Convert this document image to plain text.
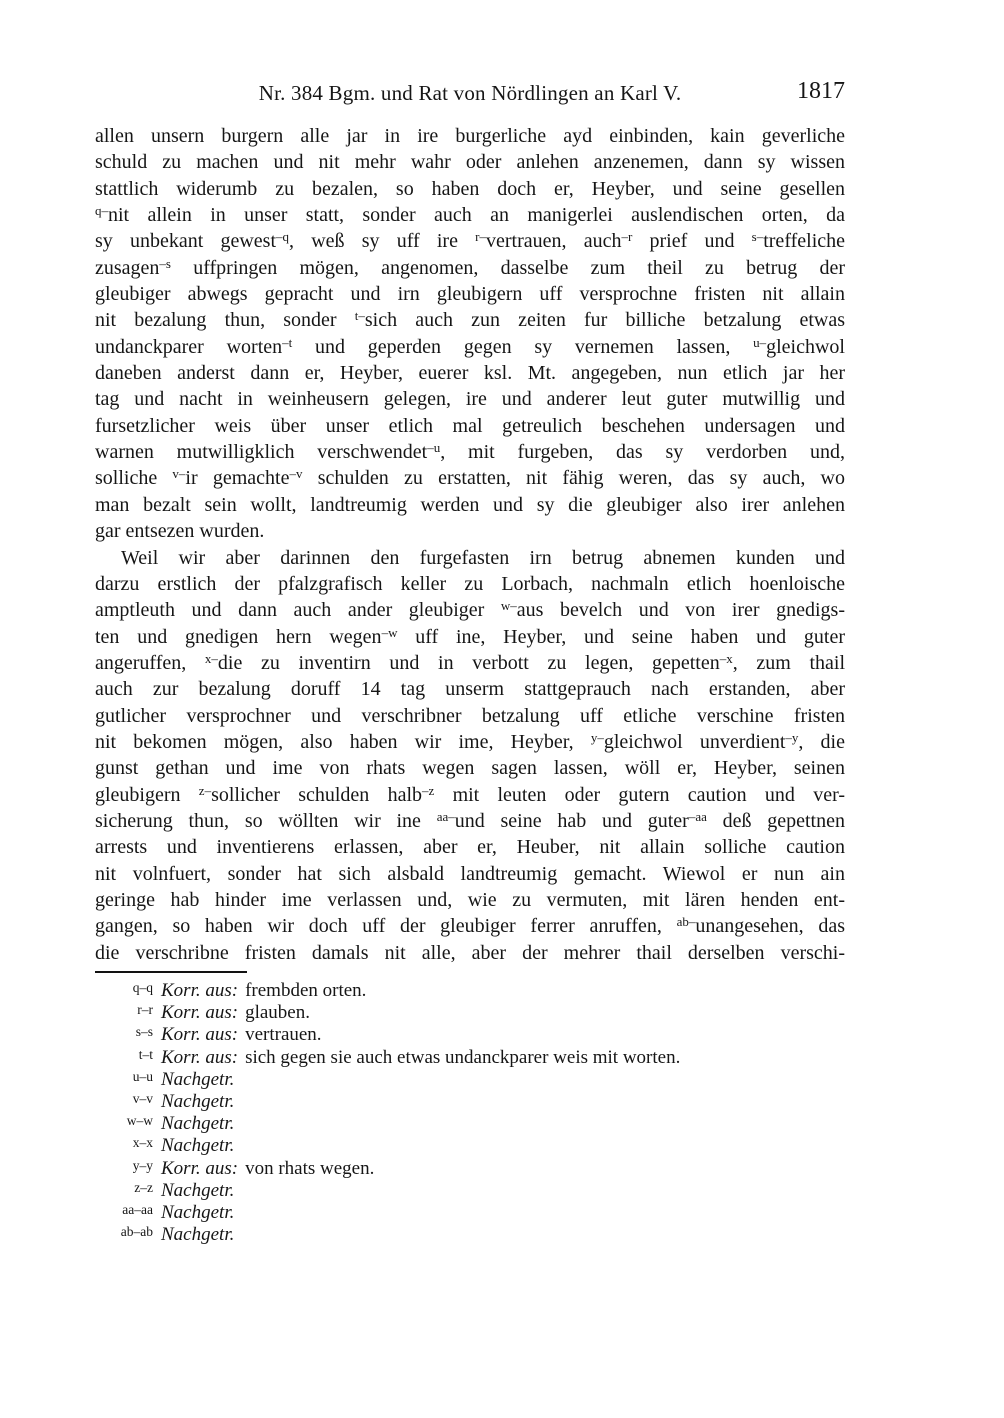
Nr. 384 Bgm. und Rat von Nördlingen an Karl V.	1817
allen unsern burgern alle jar in ire burgerliche ayd einbinden, kain geverliche
schuld zu machen und nit mehr wahr oder anlehen anzenemen, dann sy wissen
stattlich widerumb zu bezalen, so haben doch er, Heyber, und seine gesellen
$^{q-}$nit allein in unser statt, sonder auch an manigerlei auslendischen orten, da
sy unbekant gewest$^{-q}$, weß sy uff ire $^{r-}$vertrauen, auch$^{-r}$ prief und $^{s-}$treffeliche
zusagen$^{-s}$ uffpringen mögen, angenomen, dasselbe zum theil zu betrug der
gleubiger abwegs gepracht und irn gleubigern uff versprochne fristen nit allain
nit bezalung thun, sonder $^{t-}$sich auch zun zeiten fur billiche betzalung etwas
undanckparer worten$^{-t}$ und geperden gegen sy vernemen lassen, $^{u-}$gleichwol
daneben anderst dann er, Heyber, euerer ksl. Mt. angegeben, nun etlich jar her
tag und nacht in weinheusern gelegen, ire und anderer leut guter mutwillig und
fursetzlicher weis über unser etlich mal getreulich beschehen undersagen und
warnen mutwilligklich verschwendet$^{-u}$, mit furgeben, das sy verdorben und,
solliche $^{v-}$ir gemachte$^{-v}$ schulden zu erstatten, nit fähig weren, das sy auch, wo
man bezalt sein wollt, landtreumig werden und sy die gleubiger also irer anlehen
gar entsezen wurden.
Weil wir aber darinnen den furgefasten irn betrug abnemen kunden und
darzu erstlich der pfalzgrafisch keller zu Lorbach, nachmaln etlich hoenloische
amptleuth und dann auch ander gleubiger $^{w-}$aus bevelch und von irer gnedigs-
ten und gnedigen hern wegen$^{-w}$ uff ine, Heyber, und seine haben und guter
angeruffen, $^{x-}$die zu inventirn und in verbott zu legen, gepetten$^{-x}$, zum thail
auch zur bezalung doruff 14 tag unserm stattgeprauch nach erstanden, aber
gutlicher versprochner und verschribner betzalung uff etliche verschine fristen
nit bekomen mögen, also haben wir ime, Heyber, $^{y-}$gleichwol unverdient$^{-y}$, die
gunst gethan und ime von rhats wegen sagen lassen, wöll er, Heyber, seinen
gleubigern $^{z-}$sollicher schulden halb$^{-z}$ mit leuten oder gutern caution und ver-
sicherung thun, so wöllten wir ine $^{aa-}$und seine hab und guter$^{-aa}$ deß gepettnen
arrests und inventierens erlassen, aber er, Heuber, nit allain solliche caution
nit volnfuert, sonder hat sich alsbald landtreumig gemacht. Wiewol er nun ain
geringe hab hinder ime verlassen und, wie zu vermuten, mit lären henden ent-
gangen, so haben wir doch uff der gleubiger ferrer anruffen, $^{ab-}$unangesehen, das
die verschribne fristen damals nit alle, aber der mehrer thail derselben verschi-
q–q Korr. aus: frembden orten.
r–r Korr. aus: glauben.
s–s Korr. aus: vertrauen.
t–t Korr. aus: sich gegen sie auch etwas undanckparer weis mit worten.
u–u Nachgetr.
v–v Nachgetr.
w–w Nachgetr.
x–x Nachgetr.
y–y Korr. aus: von rhats wegen.
z–z Nachgetr.
aa–aa Nachgetr.
ab–ab Nachgetr.
